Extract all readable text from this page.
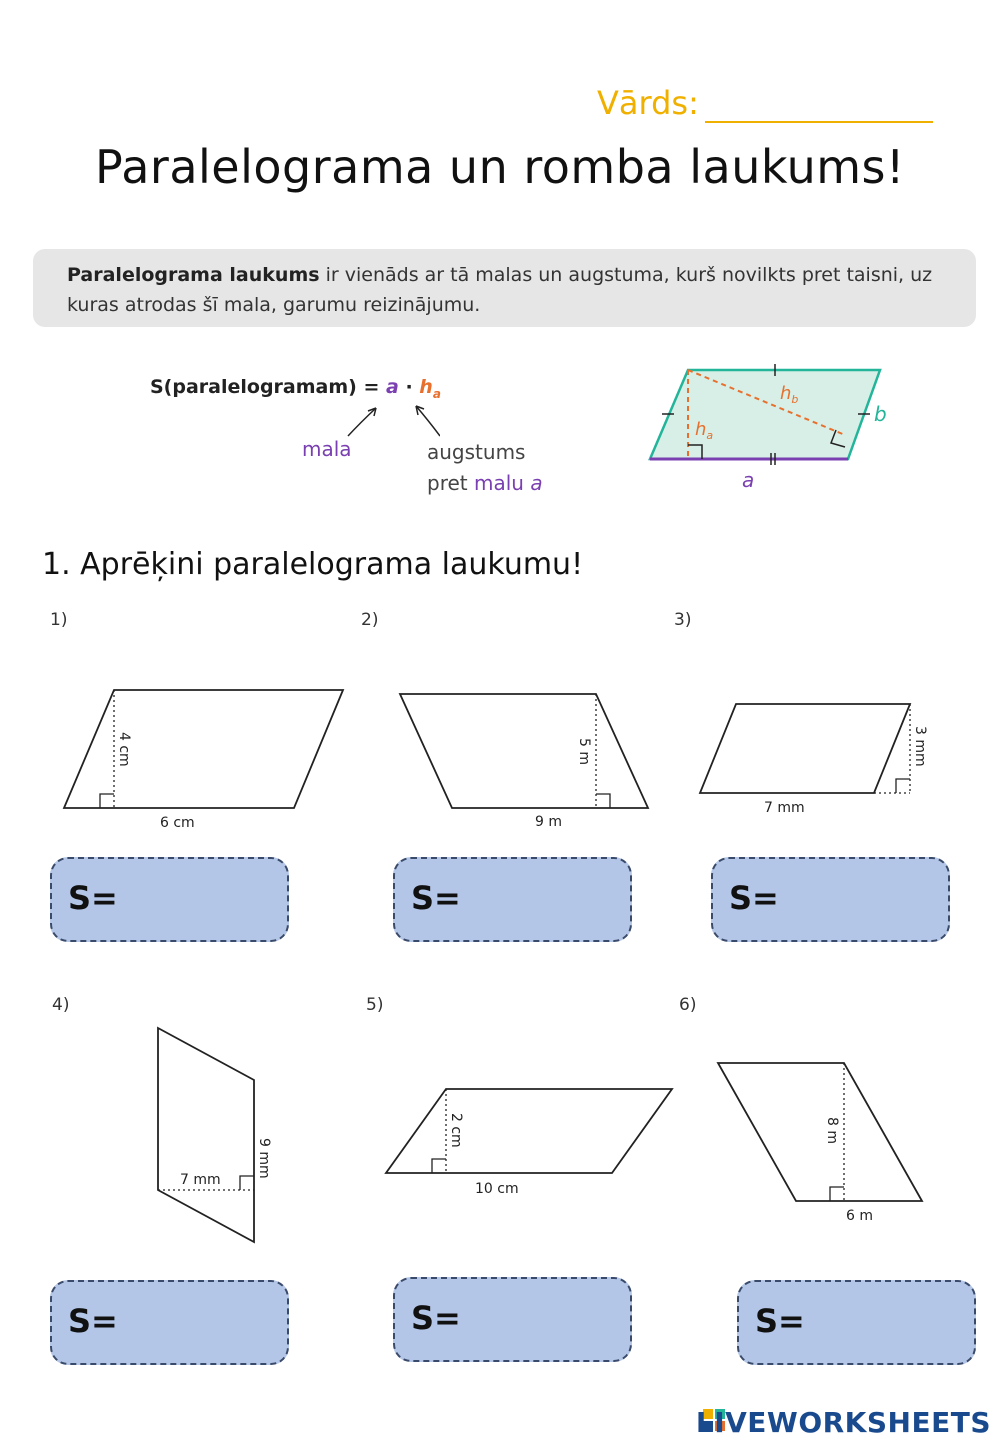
Vārds:
Paralelograma un romba laukums!
Paralelograma laukums ir vienāds ar tā malas un augstuma, kurš novilkts pret taisni, uz kuras atrodas šī mala, garumu reizinājumu.
S(paralelogramam) = $a \cdot h_a$
mala	augstums
pret malu a
$h_b$
$h_a$
b
a
1. Aprēķini paralelograma laukumu!
1)	2)	3)
4)	5)	6)
4 cm
6 cm
5 m
9 m
3 mm
7 mm
7 mm
9 mm
2 cm
10 cm
8 m
6 m
S=	S=	S=
S=	S=	S=
LIVEWORKSHEETS
